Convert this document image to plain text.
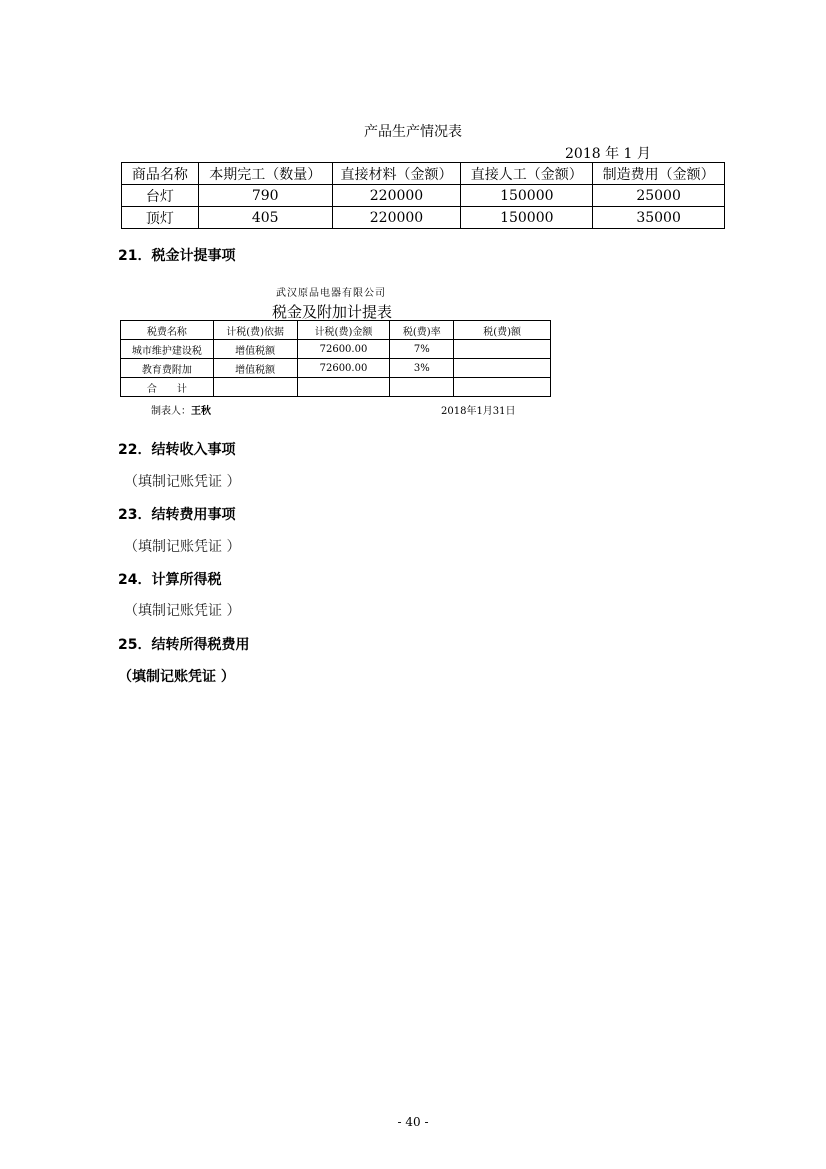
产品生产情况表
2018 年 1 月
商品名称	本期完工（数量）	直接材料（金额）	直接人工（金额）	制造费用（金额）
台灯	790	220000	150000	25000
顶灯	405	220000	150000	35000
21．税金计提事项
武汉原品电器有限公司
税金及附加计提表
税费名称	计税(费)依据	计税(费)金额	税(费)率	税(费)额
城市维护建设税	增值税额	72600.00	7%	
教育费附加	增值税额	72600.00	3%	
合　　计				
制表人：王秋	2018年1月31日
22．结转收入事项
（填制记账凭证 ）
23．结转费用事项
（填制记账凭证 ）
24．计算所得税
（填制记账凭证 ）
25．结转所得税费用
（填制记账凭证 ）
- 40 -
